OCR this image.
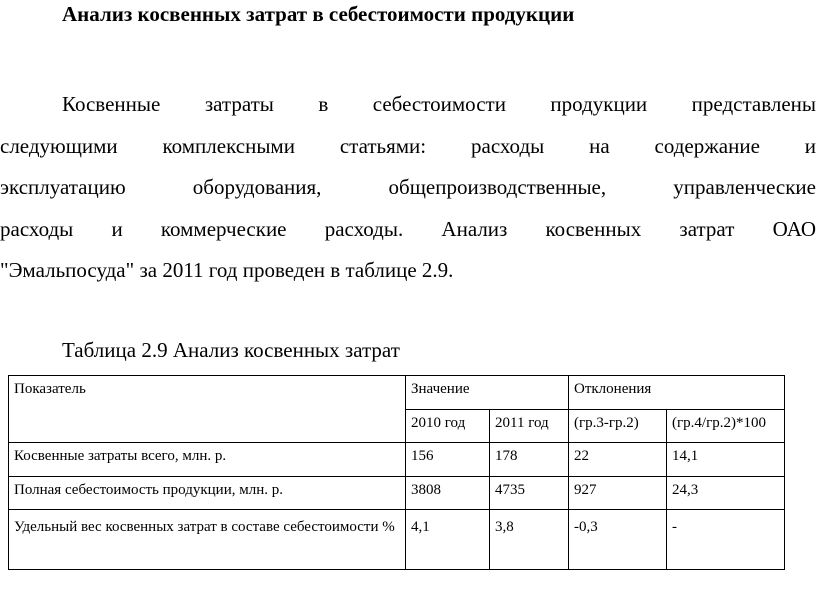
Анализ косвенных затрат в себестоимости продукции
Косвенные затраты в себестоимости продукции представлены
следующими комплексными статьями: расходы на содержание и
эксплуатацию оборудования, общепроизводственные, управленческие
расходы и коммерческие расходы. Анализ косвенных затрат ОАО
"Эмальпосуда" за 2011 год проведен в таблице 2.9.
Таблица 2.9 Анализ косвенных затрат
Показатель	Значение		Отклонения	
	2010 год	2011 год	(гр.3-гр.2)	(гр.4/гр.2)*100
Косвенные затраты всего, млн. р.	156	178	22	14,1
Полная себестоимость продукции, млн. р.	3808	4735	927	24,3
Удельный вес косвенных затрат в составе себестоимости %	4,1	3,8	-0,3	-
